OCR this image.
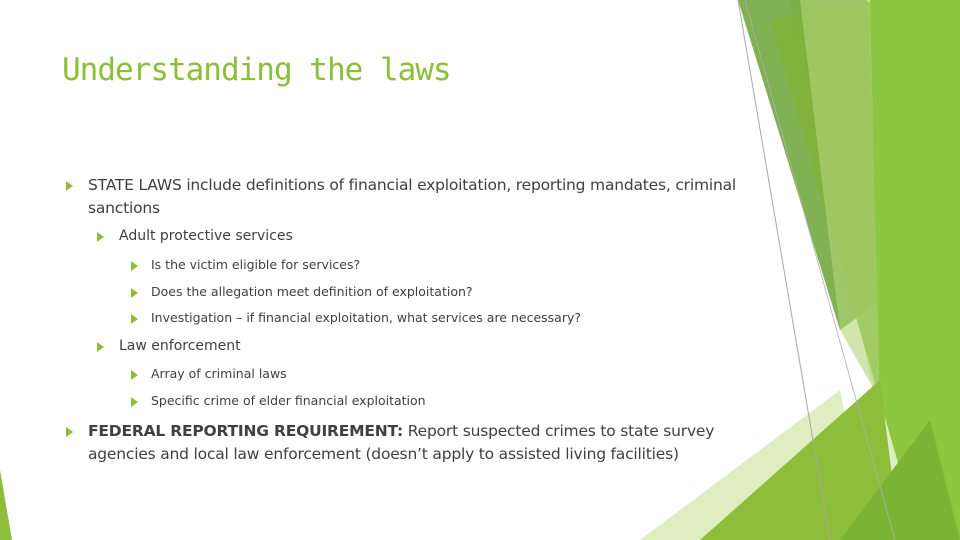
Understanding the laws
STATE LAWS include definitions of financial exploitation, reporting mandates, criminal sanctions
Adult protective services
Is the victim eligible for services?
Does the allegation meet definition of exploitation?
Investigation – if financial exploitation, what services are necessary?
Law enforcement
Array of criminal laws
Specific crime of elder financial exploitation
FEDERAL REPORTING REQUIREMENT: Report suspected crimes to state survey agencies and local law enforcement (doesn’t apply to assisted living facilities)
